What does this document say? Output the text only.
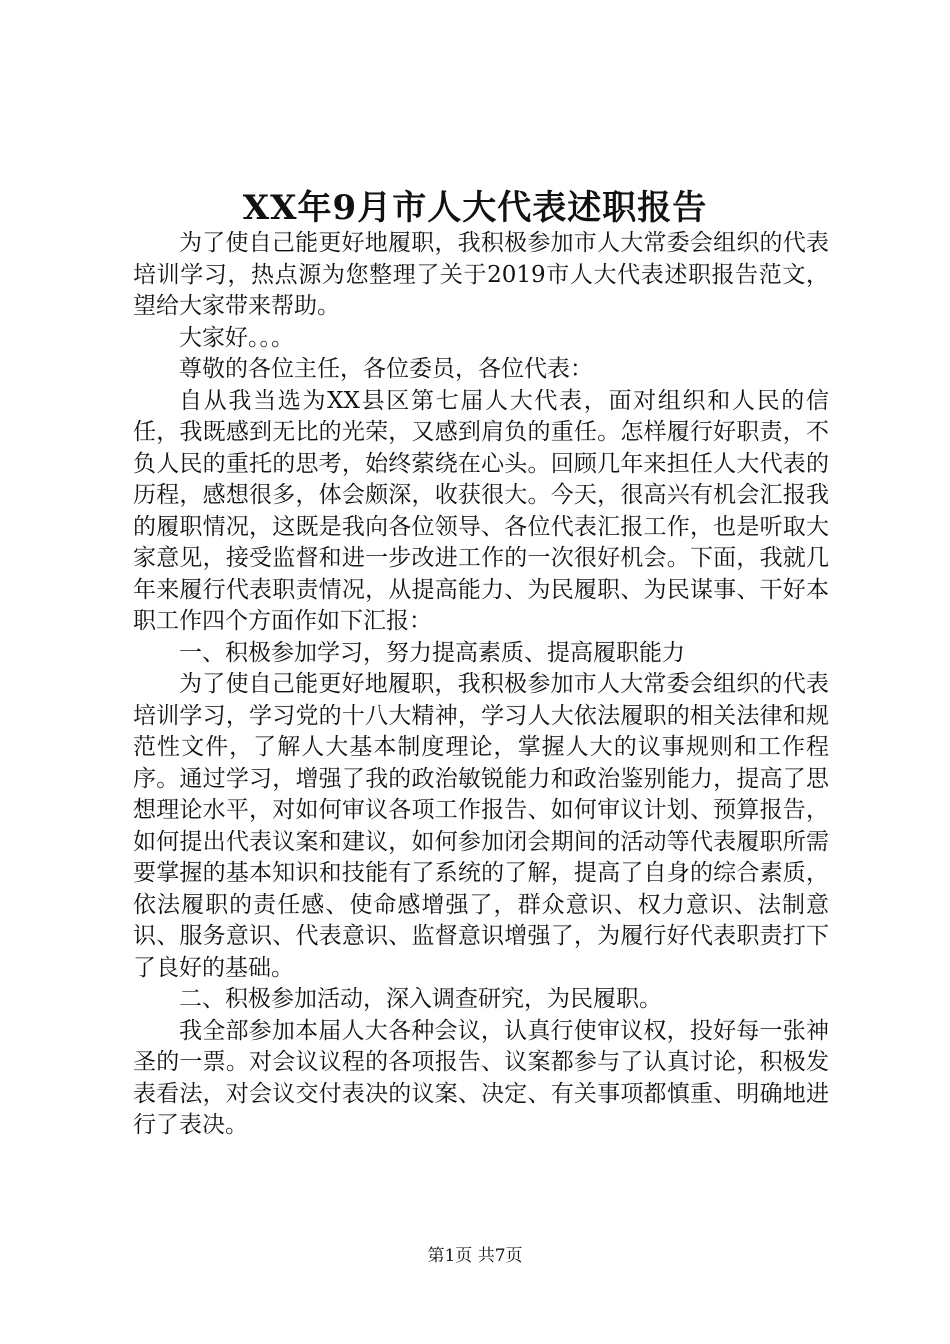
XX年9月市人大代表述职报告

为了使自己能更好地履职，我积极参加市人大常委会组织的代表培训学习，热点源为您整理了关于2019市人大代表述职报告范文，望给大家带来帮助。

大家好。。。

尊敬的各位主任，各位委员，各位代表：

自从我当选为XX县区第七届人大代表，面对组织和人民的信任，我既感到无比的光荣，又感到肩负的重任。怎样履行好职责，不负人民的重托的思考，始终萦绕在心头。回顾几年来担任人大代表的历程，感想很多，体会颇深，收获很大。今天，很高兴有机会汇报我的履职情况，这既是我向各位领导、各位代表汇报工作，也是听取大家意见，接受监督和进一步改进工作的一次很好机会。下面，我就几年来履行代表职责情况，从提高能力、为民履职、为民谋事、干好本职工作四个方面作如下汇报：

一、积极参加学习，努力提高素质、提高履职能力

为了使自己能更好地履职，我积极参加市人大常委会组织的代表培训学习，学习党的十八大精神，学习人大依法履职的相关法律和规范性文件，了解人大基本制度理论，掌握人大的议事规则和工作程序。通过学习，增强了我的政治敏锐能力和政治鉴别能力，提高了思想理论水平，对如何审议各项工作报告、如何审议计划、预算报告，如何提出代表议案和建议，如何参加闭会期间的活动等代表履职所需要掌握的基本知识和技能有了系统的了解，提高了自身的综合素质，依法履职的责任感、使命感增强了，群众意识、权力意识、法制意识、服务意识、代表意识、监督意识增强了，为履行好代表职责打下了良好的基础。

二、积极参加活动，深入调查研究，为民履职。

我全部参加本届人大各种会议，认真行使审议权，投好每一张神圣的一票。对会议议程的各项报告、议案都参与了认真讨论，积极发表看法，对会议交付表决的议案、决定、有关事项都慎重、明确地进行了表决。

第1页 共7页
